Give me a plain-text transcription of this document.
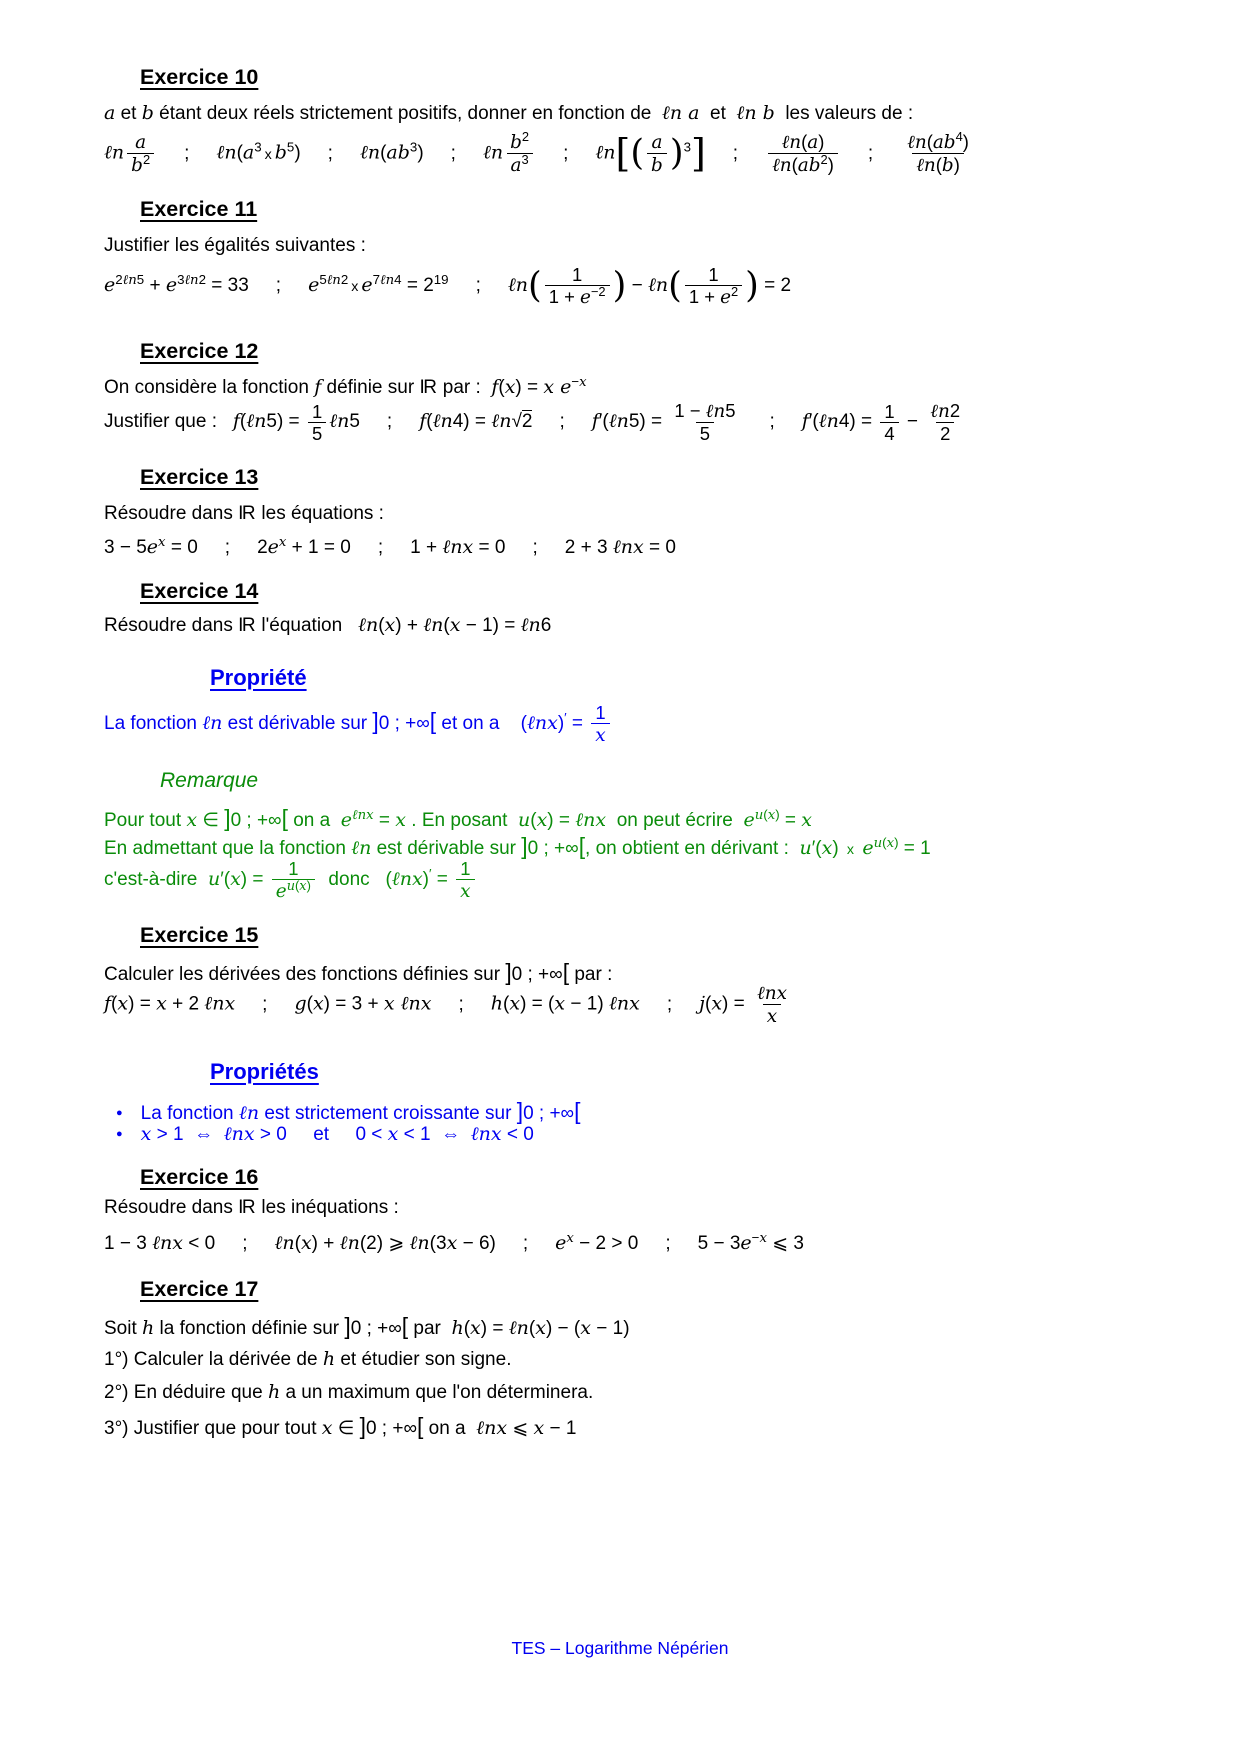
Exercice 10
a et b étant deux réels strictement positifs, donner en fonction de  ℓn a  et  ℓn b  les valeurs de :
ℓn $\frac{a}{b^2}$ ; $\ell n(a^3$ x $b^5$) ; $\ell n(ab^3)$ ; ℓn $\frac{b^2}{a^3}$ ; ℓn[( $\frac{a}{b} )^3$] ;
ℓn(a)
$\ell n(ab^2)$
;
$\ell n(ab^4)$
ℓn(b)
Exercice 11
Justifier les égalités suivantes :
$e^{2\ell n5} + e^{3\ell n2} = 33$ ; $e^{5\ell n2}$ x $e^{7\ell n4} = 2^{19}$ ; ℓn( $\frac{1}{1 + e^{-2}}$ ) − ℓn( $\frac{1}{1 + e^2}$ ) = 2
Exercice 12
On considère la fonction f définie sur IR par :  f(x) = x $e^{-x}$
Justifier que :   f(ℓn5) = $\frac{1}{5}$ ℓn5 ; f(ℓn4) = ℓn√2 ; f′(ℓn5) =
1 − ℓn5
5
; f′(ℓn4) = $\frac{1}{4}$ − ℓn2
2
Exercice 13
Résoudre dans IR les équations :
$3 - 5e^x = 0$ ; $2e^x + 1 = 0$ ; 1 + ℓnx = 0 ; 2 + 3 ℓnx = 0
Exercice 14
Résoudre dans IR l'équation   ℓn(x) + ℓn(x − 1) = ℓn6
Propriété
La fonction ℓn est dérivable sur ]0 ; +∞[ et on a    (ℓnx)′ = $\frac{1}{x}$
Remarque
Pour tout x ∈ ]0 ; +∞[ on a  $e^{\ell nx} = x$ . En posant  u(x) = ℓnx  on peut écrire  $e^{u(x)} = x$
En admettant que la fonction ℓn est dérivable sur ]0 ; +∞[, on obtient en dérivant :  u′(x) x $e^{u(x)} = 1$
c'est-à-dire  $u'(x) = \frac{1}{e^{u(x)}}$ donc   (ℓnx)′ = $\frac{1}{x}$
Exercice 15
Calculer les dérivées des fonctions définies sur ]0 ; +∞[ par :
f(x) = x + 2 ℓnx ; g(x) = 3 + x ℓnx ; h(x) = (x − 1) ℓnx ; j(x) =
ℓnx
x
Propriétés
● La fonction ℓn est strictement croissante sur ]0 ; +∞[
● x > 1  ⇔  ℓnx > 0     et     0 < x < 1  ⇔  ℓnx < 0
Exercice 16
Résoudre dans IR les inéquations :
1 − 3 ℓnx < 0 ; ℓn(x) + ℓn(2) ⩾ ℓn(3x − 6) ; $e^x - 2 > 0$ ; $5 - 3e^{-x}$ ⩽ 3
Exercice 17
Soit h la fonction définie sur ]0 ; +∞[ par  h(x) = ℓn(x) − (x − 1)
1°) Calculer la dérivée de h et étudier son signe.
2°) En déduire que h a un maximum que l'on déterminera.
3°) Justifier que pour tout x ∈ ]0 ; +∞[ on a  ℓnx ⩽ x − 1
TES – Logarithme Népérien
